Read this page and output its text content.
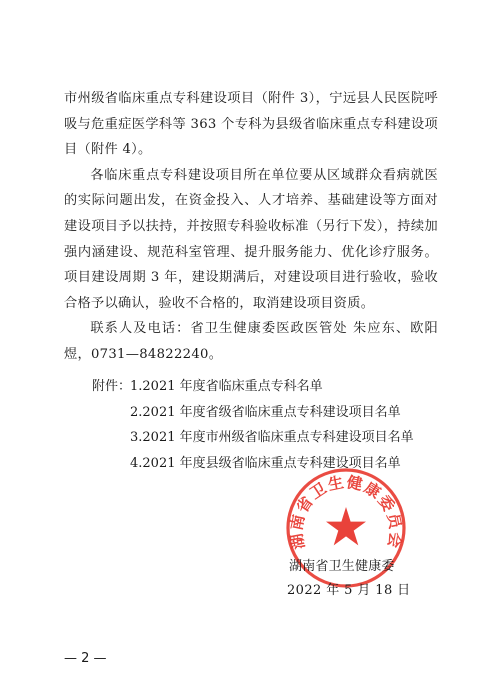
市州级省临床重点专科建设项目（附件 3），宁远县人民医院呼吸与危重症医学科等 363 个专科为县级省临床重点专科建设项目（附件 4）。

各临床重点专科建设项目所在单位要从区域群众看病就医的实际问题出发，在资金投入、人才培养、基础建设等方面对建设项目予以扶持，并按照专科验收标准（另行下发），持续加强内涵建设、规范科室管理、提升服务能力、优化诊疗服务。项目建设周期 3 年，建设期满后，对建设项目进行验收，验收合格予以确认，验收不合格的，取消建设项目资质。

联系人及电话：省卫生健康委医政医管处 朱应东、欧阳煜，0731—84822240。

附件：
1.2021 年度省临床重点专科名单
2.2021 年度省级省临床重点专科建设项目名单
3.2021 年度市州级省临床重点专科建设项目名单
4.2021 年度县级省临床重点专科建设项目名单
湖南省卫生健康委员会
湖南省卫生健康委
2022 年 5 月 18 日
— 2 —
